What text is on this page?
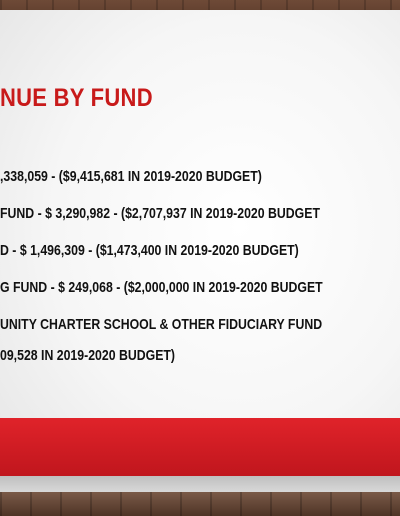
NUE BY FUND

,338,059 - ($9,415,681 IN 2019-2020 BUDGET)

FUND - $ 3,290,982 - ($2,707,937 IN 2019-2020 BUDGET

D - $ 1,496,309 - ($1,473,400 IN 2019-2020 BUDGET)

G FUND - $ 249,068 - ($2,000,000 IN 2019-2020 BUDGET

UNITY CHARTER SCHOOL & OTHER FIDUCIARY FUND

09,528 IN 2019-2020 BUDGET)
